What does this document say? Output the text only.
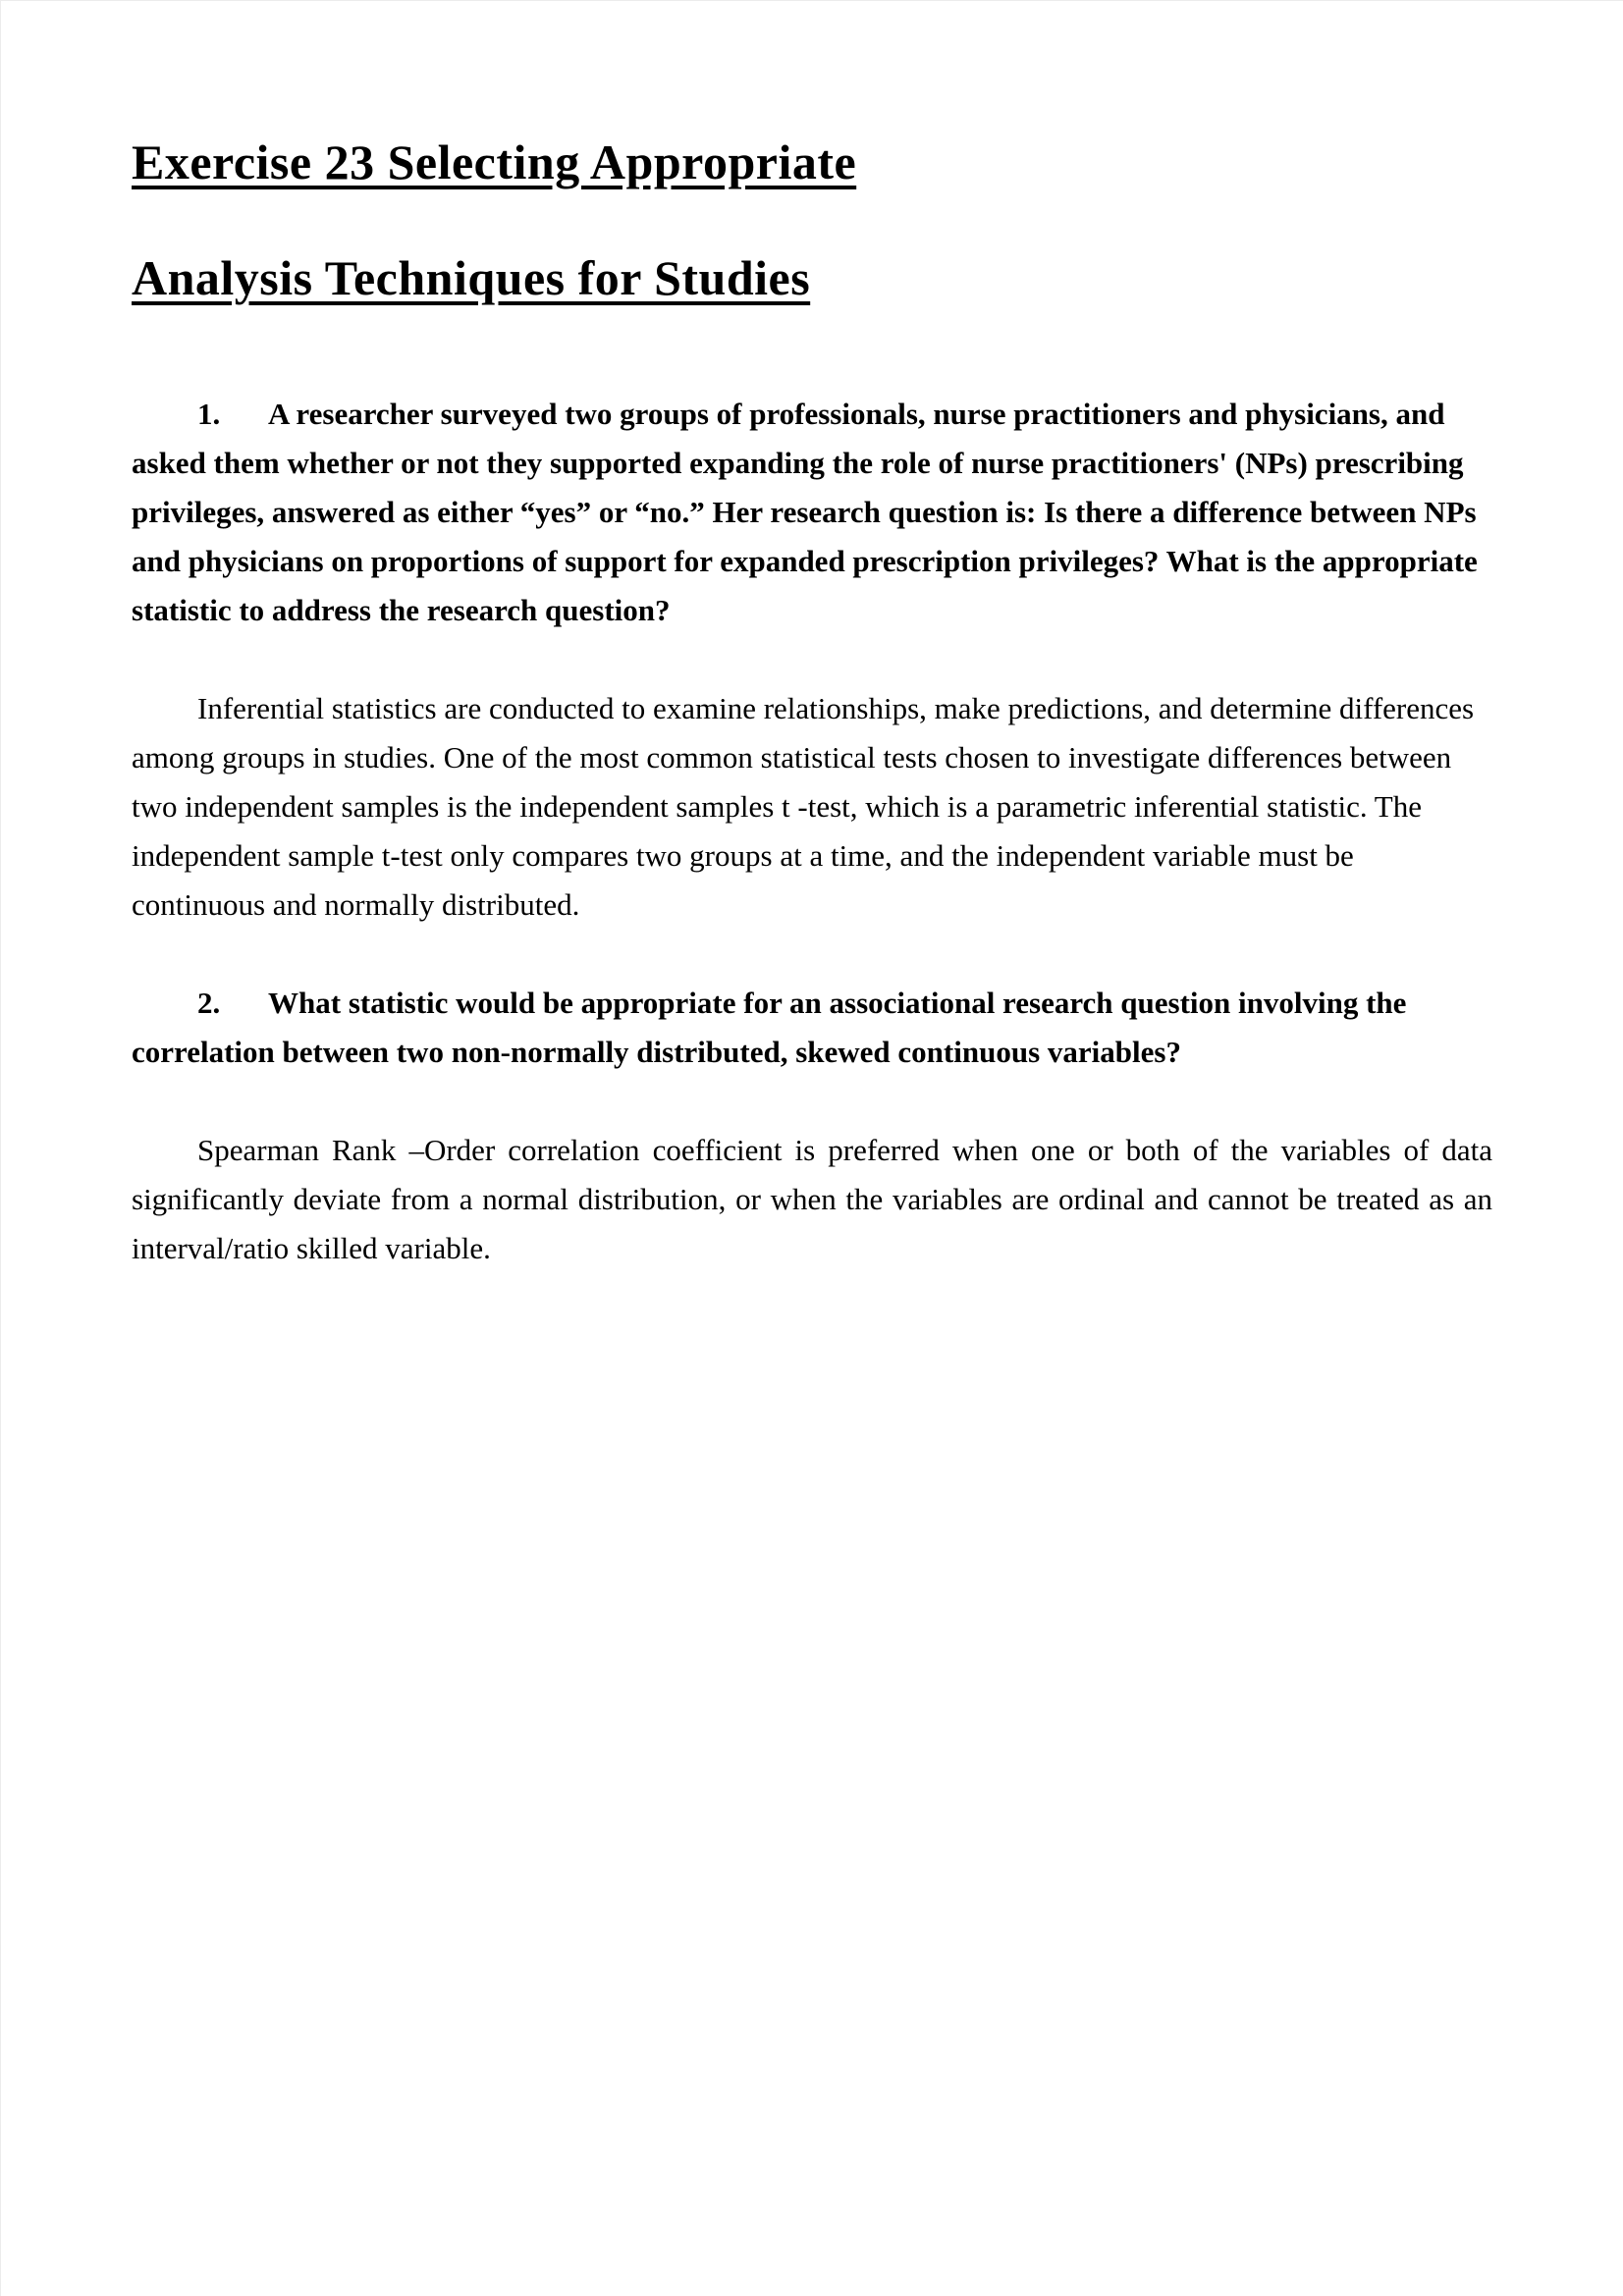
Exercise 23 Selecting Appropriate
Analysis Techniques for Studies

1. A researcher surveyed two groups of professionals, nurse practitioners and physicians, and asked them whether or not they supported expanding the role of nurse practitioners' (NPs) prescribing privileges, answered as either “yes” or “no.” Her research question is: Is there a difference between NPs and physicians on proportions of support for expanded prescription privileges? What is the appropriate statistic to address the research question?

Inferential statistics are conducted to examine relationships, make predictions, and determine differences among groups in studies. One of the most common statistical tests chosen to investigate differences between two independent samples is the independent samples t -test, which is a parametric inferential statistic. The independent sample t-test only compares two groups at a time, and the independent variable must be continuous and normally distributed.

2. What statistic would be appropriate for an associational research question involving the correlation between two non-normally distributed, skewed continuous variables?

Spearman Rank –Order correlation coefficient is preferred when one or both of the variables of data significantly deviate from a normal distribution, or when the variables are ordinal and cannot be treated as an interval/ratio skilled variable.
